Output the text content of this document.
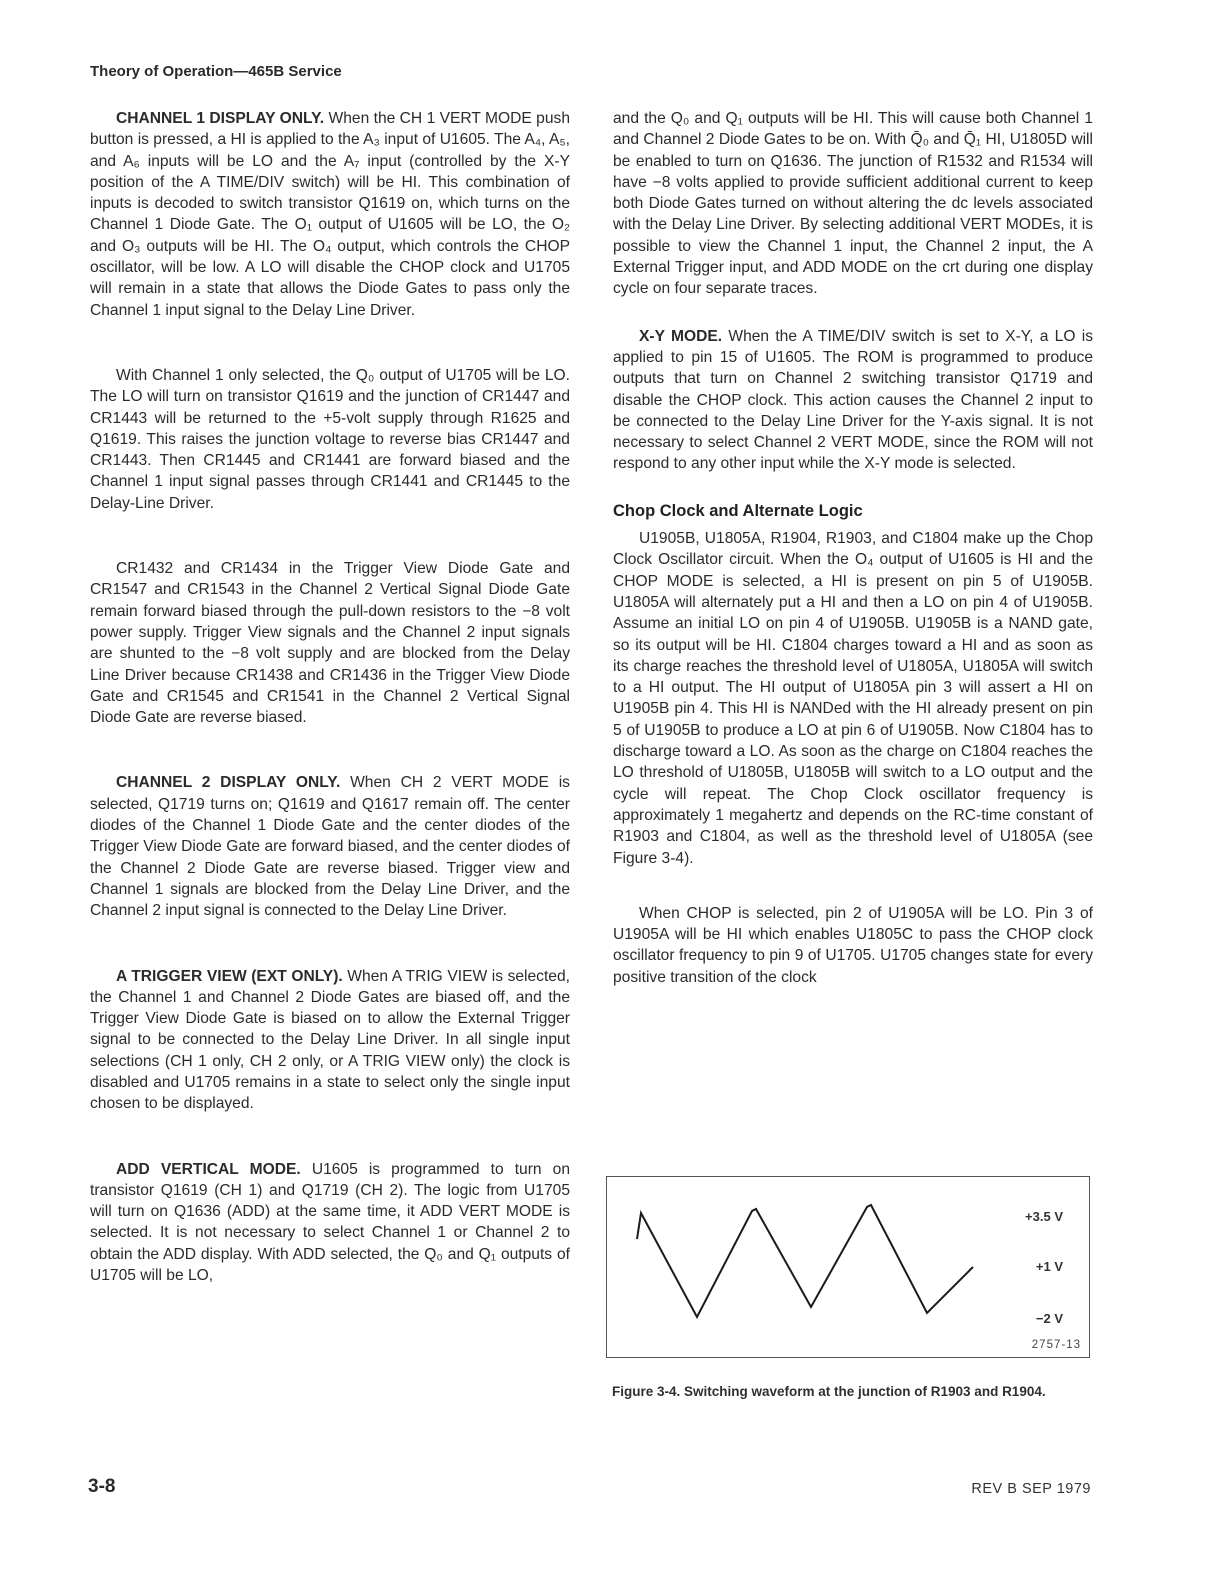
Theory of Operation—465B Service

CHANNEL 1 DISPLAY ONLY. When the CH 1 VERT MODE push button is pressed, a HI is applied to the A₃ input of U1605. The A₄, A₅, and A₆ inputs will be LO and the A₇ input (controlled by the X-Y position of the A TIME/DIV switch) will be HI. This combination of inputs is decoded to switch transistor Q1619 on, which turns on the Channel 1 Diode Gate. The O₁ output of U1605 will be LO, the O₂ and O₃ outputs will be HI. The O₄ output, which controls the CHOP oscillator, will be low. A LO will disable the CHOP clock and U1705 will remain in a state that allows the Diode Gates to pass only the Channel 1 input signal to the Delay Line Driver.

With Channel 1 only selected, the Q₀ output of U1705 will be LO. The LO will turn on transistor Q1619 and the junction of CR1447 and CR1443 will be returned to the +5-volt supply through R1625 and Q1619. This raises the junction voltage to reverse bias CR1447 and CR1443. Then CR1445 and CR1441 are forward biased and the Channel 1 input signal passes through CR1441 and CR1445 to the Delay-Line Driver.

CR1432 and CR1434 in the Trigger View Diode Gate and CR1547 and CR1543 in the Channel 2 Vertical Signal Diode Gate remain forward biased through the pull-down resistors to the −8 volt power supply. Trigger View signals and the Channel 2 input signals are shunted to the −8 volt supply and are blocked from the Delay Line Driver because CR1438 and CR1436 in the Trigger View Diode Gate and CR1545 and CR1541 in the Channel 2 Vertical Signal Diode Gate are reverse biased.

CHANNEL 2 DISPLAY ONLY. When CH 2 VERT MODE is selected, Q1719 turns on; Q1619 and Q1617 remain off. The center diodes of the Channel 1 Diode Gate and the center diodes of the Trigger View Diode Gate are forward biased, and the center diodes of the Channel 2 Diode Gate are reverse biased. Trigger view and Channel 1 signals are blocked from the Delay Line Driver, and the Channel 2 input signal is connected to the Delay Line Driver.

A TRIGGER VIEW (EXT ONLY). When A TRIG VIEW is selected, the Channel 1 and Channel 2 Diode Gates are biased off, and the Trigger View Diode Gate is biased on to allow the External Trigger signal to be connected to the Delay Line Driver. In all single input selections (CH 1 only, CH 2 only, or A TRIG VIEW only) the clock is disabled and U1705 remains in a state to select only the single input chosen to be displayed.

ADD VERTICAL MODE. U1605 is programmed to turn on transistor Q1619 (CH 1) and Q1719 (CH 2). The logic from U1705 will turn on Q1636 (ADD) at the same time, it ADD VERT MODE is selected. It is not necessary to select Channel 1 or Channel 2 to obtain the ADD display. With ADD selected, the Q₀ and Q₁ outputs of U1705 will be LO,

and the Q₀ and Q₁ outputs will be HI. This will cause both Channel 1 and Channel 2 Diode Gates to be on. With Q̄₀ and Q̄₁ HI, U1805D will be enabled to turn on Q1636. The junction of R1532 and R1534 will have −8 volts applied to provide sufficient additional current to keep both Diode Gates turned on without altering the dc levels associated with the Delay Line Driver. By selecting additional VERT MODEs, it is possible to view the Channel 1 input, the Channel 2 input, the A External Trigger input, and ADD MODE on the crt during one display cycle on four separate traces.

X-Y MODE. When the A TIME/DIV switch is set to X-Y, a LO is applied to pin 15 of U1605. The ROM is programmed to produce outputs that turn on Channel 2 switching transistor Q1719 and disable the CHOP clock. This action causes the Channel 2 input to be connected to the Delay Line Driver for the Y-axis signal. It is not necessary to select Channel 2 VERT MODE, since the ROM will not respond to any other input while the X-Y mode is selected.

Chop Clock and Alternate Logic

U1905B, U1805A, R1904, R1903, and C1804 make up the Chop Clock Oscillator circuit. When the O₄ output of U1605 is HI and the CHOP MODE is selected, a HI is present on pin 5 of U1905B. U1805A will alternately put a HI and then a LO on pin 4 of U1905B. Assume an initial LO on pin 4 of U1905B. U1905B is a NAND gate, so its output will be HI. C1804 charges toward a HI and as soon as its charge reaches the threshold level of U1805A, U1805A will switch to a HI output. The HI output of U1805A pin 3 will assert a HI on U1905B pin 4. This HI is NANDed with the HI already present on pin 5 of U1905B to produce a LO at pin 6 of U1905B. Now C1804 has to discharge toward a LO. As soon as the charge on C1804 reaches the LO threshold of U1805B, U1805B will switch to a LO output and the cycle will repeat. The Chop Clock oscillator frequency is approximately 1 megahertz and depends on the RC-time constant of R1903 and C1804, as well as the threshold level of U1805A (see Figure 3-4).

When CHOP is selected, pin 2 of U1905A will be LO. Pin 3 of U1905A will be HI which enables U1805C to pass the CHOP clock oscillator frequency to pin 9 of U1705. U1705 changes state for every positive transition of the clock

+3.5 V
+1 V
−2 V
2757-13
Figure 3-4. Switching waveform at the junction of R1903 and R1904.
3-8	REV B SEP 1979
